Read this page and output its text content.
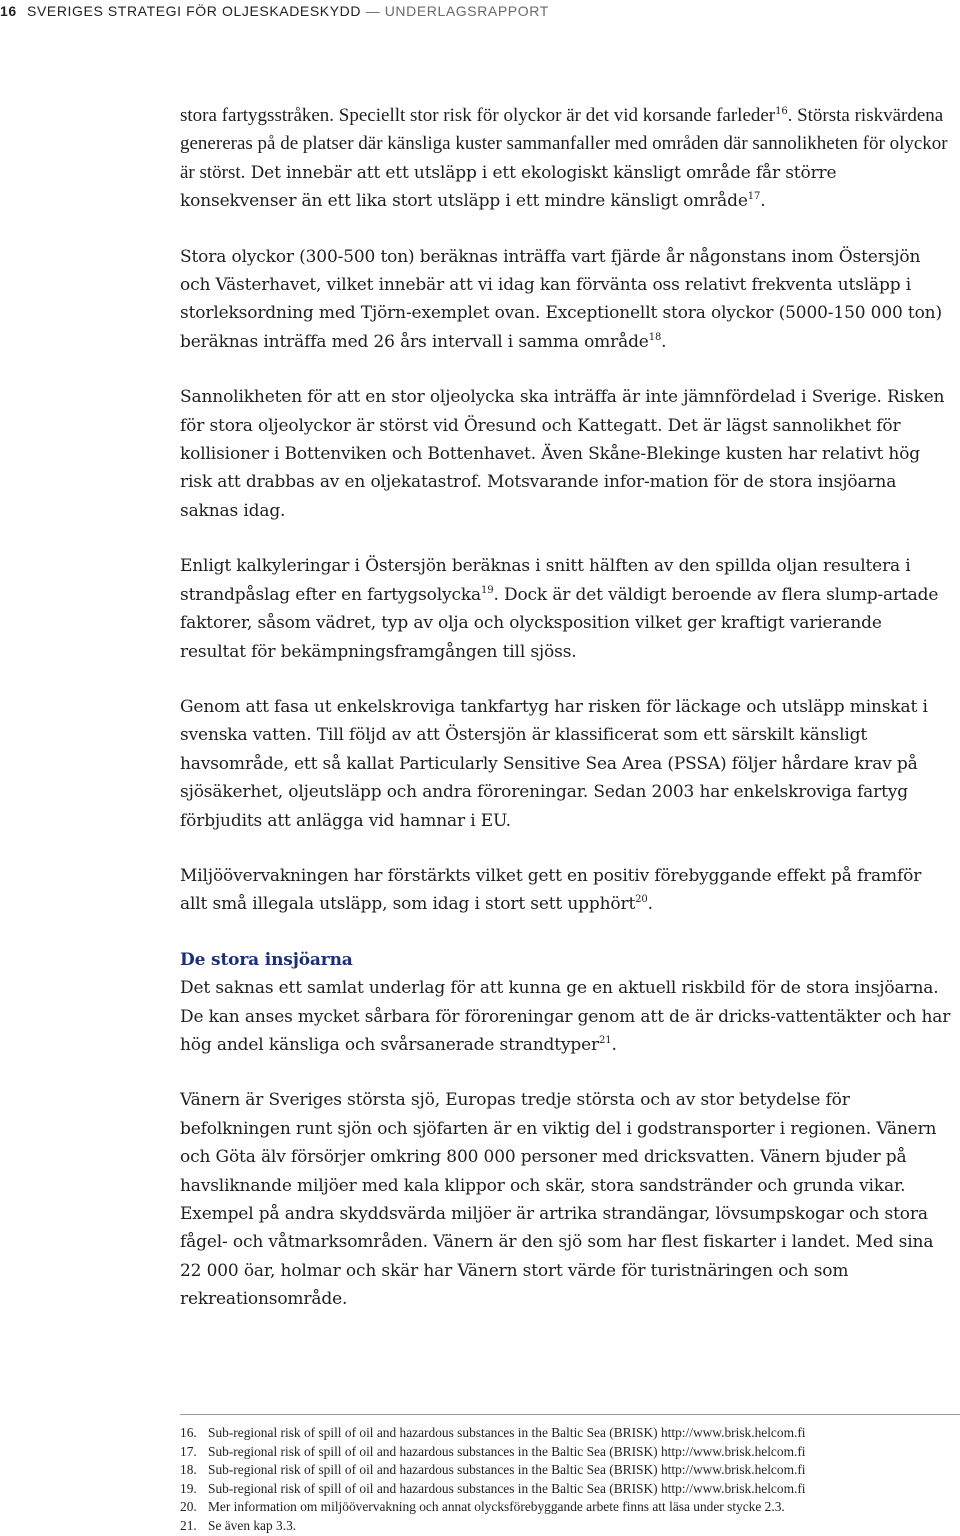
16 SVERIGES STRATEGI FÖR OLJESKADESKYDD — UNDERLAGSRAPPORT

stora fartygsstråken. Speciellt stor risk för olyckor är det vid korsande farleder$^{16}$. Största riskvärdena genereras på de platser där känsliga kuster sammanfaller med områden där sannolikheten för olyckor är störst. Det innebär att ett utsläpp i ett ekologiskt känsligt område får större konsekvenser än ett lika stort utsläpp i ett mindre känsligt område$^{17}$.

Stora olyckor (300-500 ton) beräknas inträffa vart fjärde år någonstans inom Östersjön och Västerhavet, vilket innebär att vi idag kan förvänta oss relativt frekventa utsläpp i storleksordning med Tjörn-exemplet ovan. Exceptionellt stora olyckor (5000-150 000 ton) beräknas inträffa med 26 års intervall i samma område$^{18}$.

Sannolikheten för att en stor oljeolycka ska inträffa är inte jämnfördelad i Sverige. Risken för stora oljeolyckor är störst vid Öresund och Kattegatt. Det är lägst sannolikhet för kollisioner i Bottenviken och Bottenhavet. Även Skåne-Blekinge kusten har relativt hög risk att drabbas av en oljekatastrof. Motsvarande infor-mation för de stora insjöarna saknas idag.

Enligt kalkyleringar i Östersjön beräknas i snitt hälften av den spillda oljan resultera i strandpåslag efter en fartygsolycka$^{19}$. Dock är det väldigt beroende av flera slump-artade faktorer, såsom vädret, typ av olja och olycksposition vilket ger kraftigt varierande resultat för bekämpningsframgången till sjöss.

Genom att fasa ut enkelskroviga tankfartyg har risken för läckage och utsläpp minskat i svenska vatten. Till följd av att Östersjön är klassificerat som ett särskilt känsligt havsområde, ett så kallat Particularly Sensitive Sea Area (PSSA) följer hårdare krav på sjösäkerhet, oljeutsläpp och andra föroreningar. Sedan 2003 har enkelskroviga fartyg förbjudits att anlägga vid hamnar i EU.

Miljöövervakningen har förstärkts vilket gett en positiv förebyggande effekt på framför allt små illegala utsläpp, som idag i stort sett upphört$^{20}$.

De stora insjöarna

Det saknas ett samlat underlag för att kunna ge en aktuell riskbild för de stora insjöarna. De kan anses mycket sårbara för föroreningar genom att de är dricks-vattentäkter och har hög andel känsliga och svårsanerade strandtyper$^{21}$.

Vänern är Sveriges största sjö, Europas tredje största och av stor betydelse för befolkningen runt sjön och sjöfarten är en viktig del i godstransporter i regionen. Vänern och Göta älv försörjer omkring 800 000 personer med dricksvatten. Vänern bjuder på havsliknande miljöer med kala klippor och skär, stora sandstränder och grunda vikar. Exempel på andra skyddsvärda miljöer är artrika strandängar, lövsumpskogar och stora fågel- och våtmarksområden. Vänern är den sjö som har flest fiskarter i landet. Med sina 22 000 öar, holmar och skär har Vänern stort värde för turistnäringen och som rekreationsområde.

16. Sub-regional risk of spill of oil and hazardous substances in the Baltic Sea (BRISK) http://www.brisk.helcom.fi
17. Sub-regional risk of spill of oil and hazardous substances in the Baltic Sea (BRISK) http://www.brisk.helcom.fi
18. Sub-regional risk of spill of oil and hazardous substances in the Baltic Sea (BRISK) http://www.brisk.helcom.fi
19. Sub-regional risk of spill of oil and hazardous substances in the Baltic Sea (BRISK) http://www.brisk.helcom.fi
20. Mer information om miljöövervakning och annat olycksförebyggande arbete finns att läsa under stycke 2.3.
21. Se även kap 3.3.
